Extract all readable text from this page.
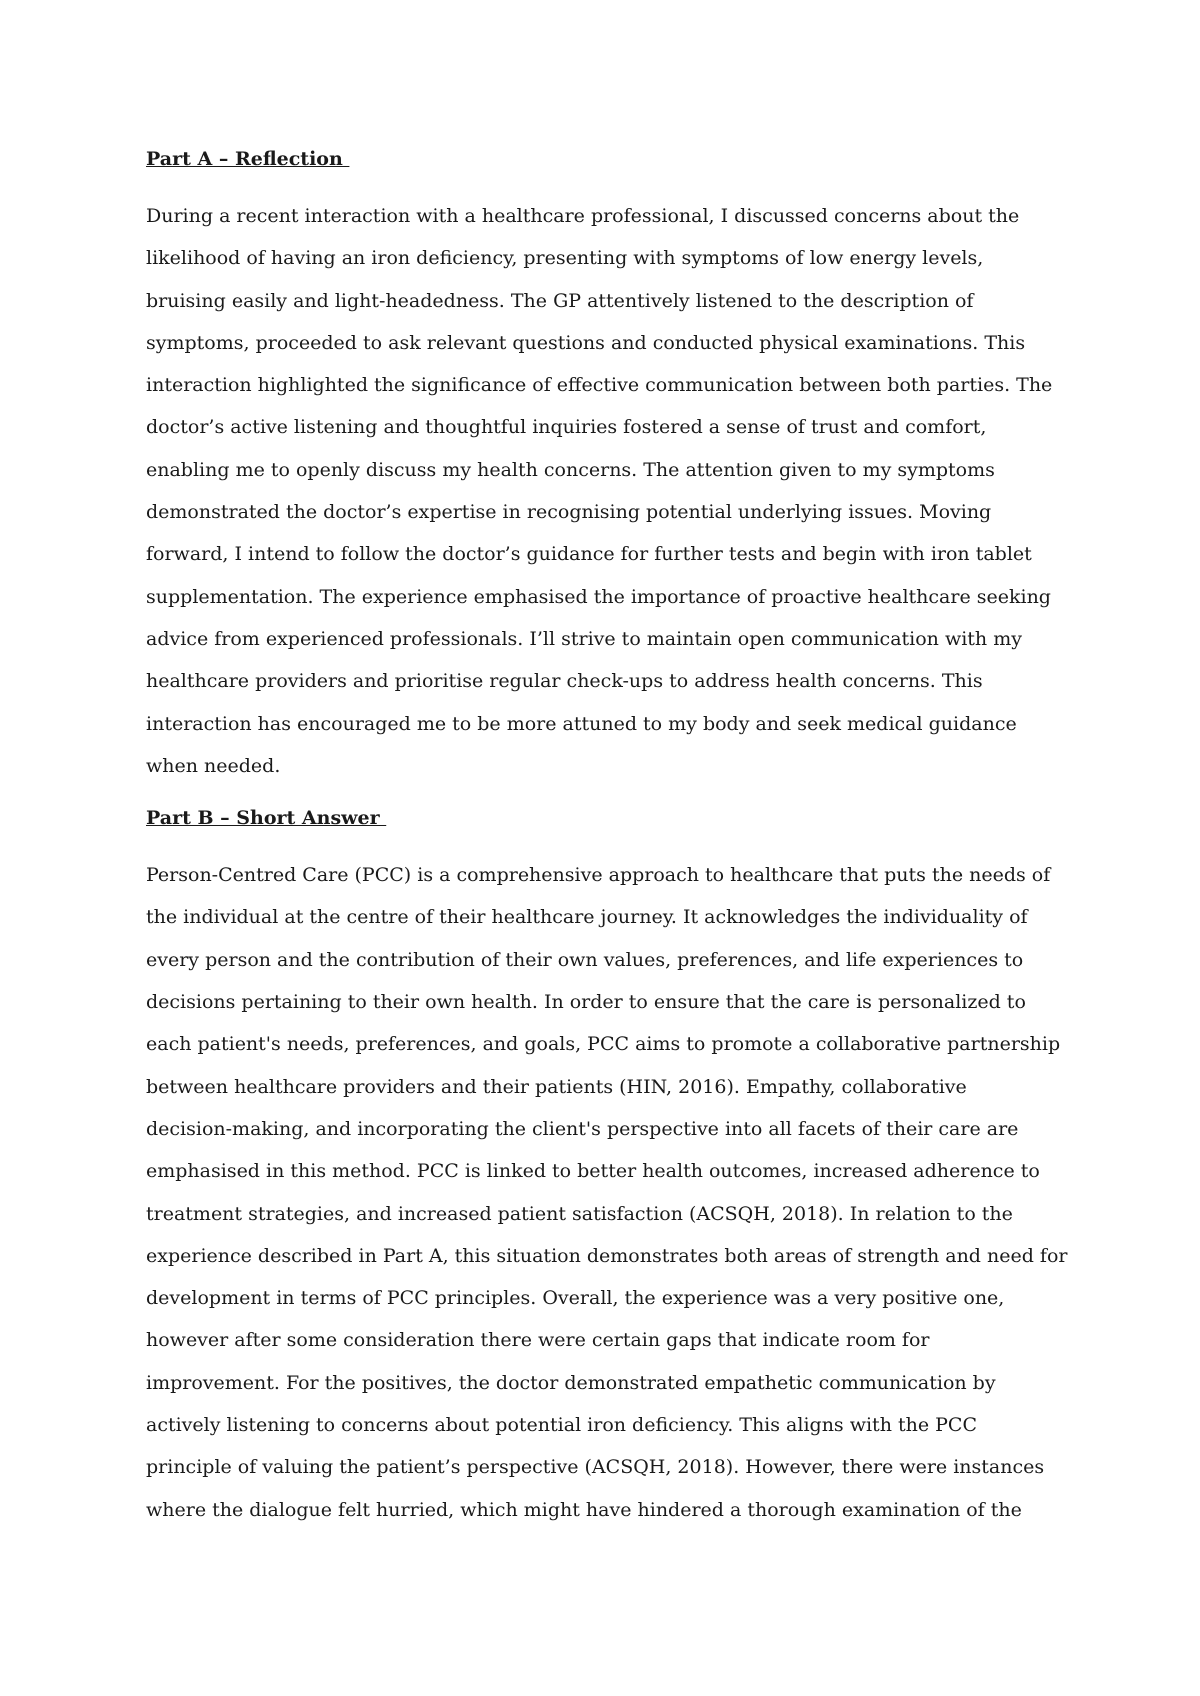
Part A – Reflection
During a recent interaction with a healthcare professional, I discussed concerns about the
likelihood of having an iron deficiency, presenting with symptoms of low energy levels,
bruising easily and light-headedness. The GP attentively listened to the description of
symptoms, proceeded to ask relevant questions and conducted physical examinations. This
interaction highlighted the significance of effective communication between both parties. The
doctor’s active listening and thoughtful inquiries fostered a sense of trust and comfort,
enabling me to openly discuss my health concerns. The attention given to my symptoms
demonstrated the doctor’s expertise in recognising potential underlying issues. Moving
forward, I intend to follow the doctor’s guidance for further tests and begin with iron tablet
supplementation. The experience emphasised the importance of proactive healthcare seeking
advice from experienced professionals. I’ll strive to maintain open communication with my
healthcare providers and prioritise regular check-ups to address health concerns. This
interaction has encouraged me to be more attuned to my body and seek medical guidance
when needed.
Part B – Short Answer
Person-Centred Care (PCC) is a comprehensive approach to healthcare that puts the needs of
the individual at the centre of their healthcare journey. It acknowledges the individuality of
every person and the contribution of their own values, preferences, and life experiences to
decisions pertaining to their own health. In order to ensure that the care is personalized to
each patient's needs, preferences, and goals, PCC aims to promote a collaborative partnership
between healthcare providers and their patients (HIN, 2016). Empathy, collaborative
decision-making, and incorporating the client's perspective into all facets of their care are
emphasised in this method. PCC is linked to better health outcomes, increased adherence to
treatment strategies, and increased patient satisfaction (ACSQH, 2018). In relation to the
experience described in Part A, this situation demonstrates both areas of strength and need for
development in terms of PCC principles. Overall, the experience was a very positive one,
however after some consideration there were certain gaps that indicate room for
improvement. For the positives, the doctor demonstrated empathetic communication by
actively listening to concerns about potential iron deficiency. This aligns with the PCC
principle of valuing the patient’s perspective (ACSQH, 2018). However, there were instances
where the dialogue felt hurried, which might have hindered a thorough examination of the
